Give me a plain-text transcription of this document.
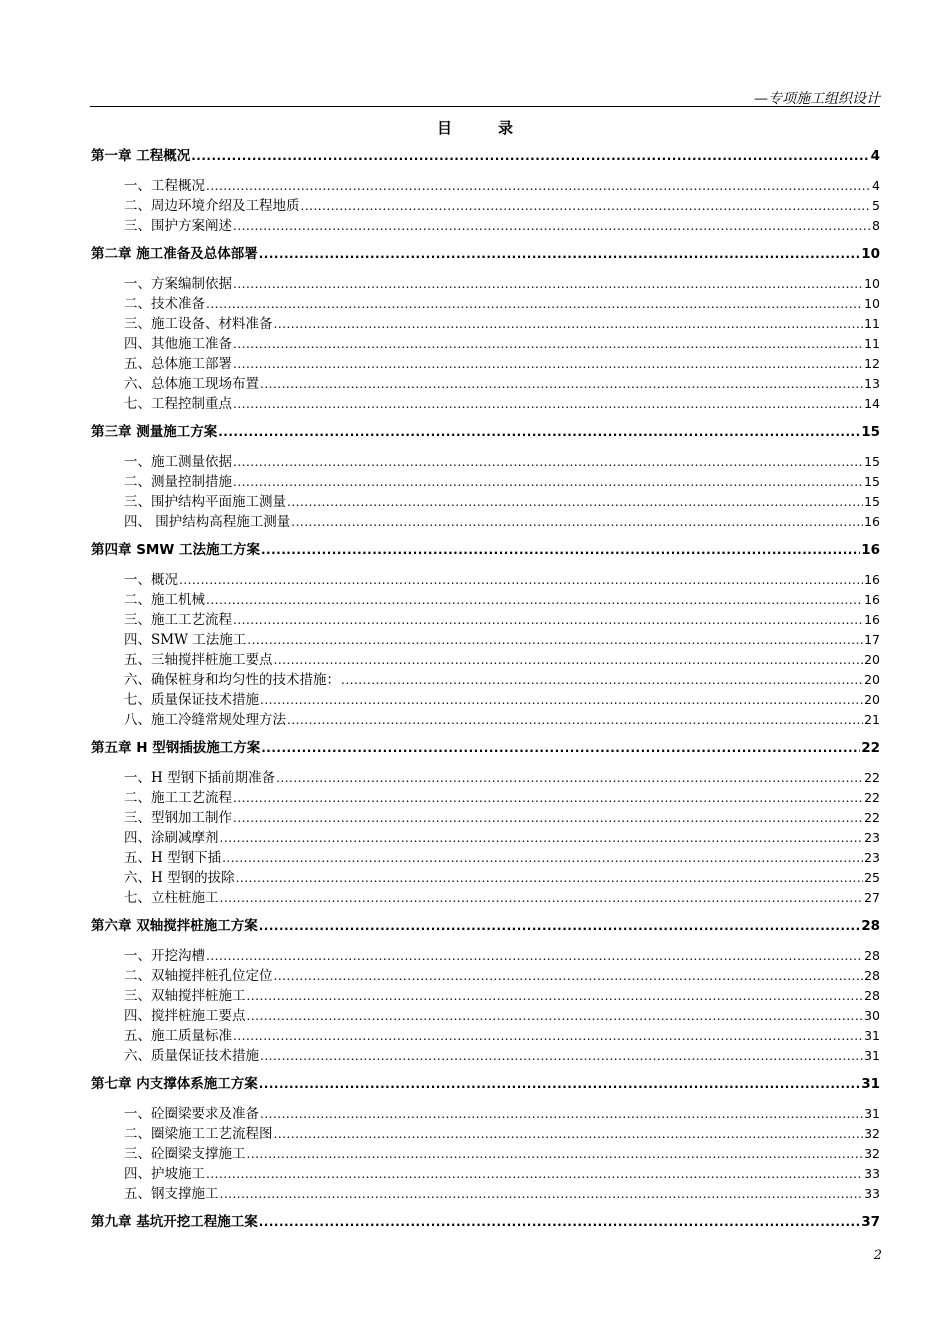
—专项施工组织设计
目	录
第一章 工程概况 .....	4
一、工程概况 .....	4
二、周边环境介绍及工程地质 .....	5
三、围护方案阐述 .....	8
第二章 施工准备及总体部署 .....	10
一、方案编制依据 .....	10
二、技术准备 .....	10
三、施工设备、材料准备 .....	11
四、其他施工准备 .....	11
五、总体施工部署 .....	12
六、总体施工现场布置 .....	13
七、工程控制重点 .....	14
第三章 测量施工方案 .....	15
一、施工测量依据 .....	15
二、测量控制措施 .....	15
三、围护结构平面施工测量 .....	15
四、 围护结构高程施工测量 .....	16
第四章 SMW 工法施工方案 .....	16
一、概况 .....	16
二、施工机械 .....	16
三、施工工艺流程 .....	16
四、SMW 工法施工 .....	17
五、三轴搅拌桩施工要点 .....	20
六、确保桩身和均匀性的技术措施： .....	20
七、质量保证技术措施 .....	20
八、施工冷缝常规处理方法 .....	21
第五章 H 型钢插拔施工方案 .....	22
一、H 型钢下插前期准备 .....	22
二、施工工艺流程 .....	22
三、型钢加工制作 .....	22
四、涂刷减摩剂 .....	23
五、H 型钢下插 .....	23
六、H 型钢的拔除 .....	25
七、立柱桩施工 .....	27
第六章 双轴搅拌桩施工方案 .....	28
一、开挖沟槽 .....	28
二、双轴搅拌桩孔位定位 .....	28
三、双轴搅拌桩施工 .....	28
四、搅拌桩施工要点 .....	30
五、施工质量标准 .....	31
六、质量保证技术措施 .....	31
第七章 内支撑体系施工方案 .....	31
一、砼圈梁要求及准备 .....	31
二、圈梁施工工艺流程图 .....	32
三、砼圈梁支撑施工 .....	32
四、护坡施工 .....	33
五、钢支撑施工 .....	33
第九章 基坑开挖工程施工案 .....	37
2
